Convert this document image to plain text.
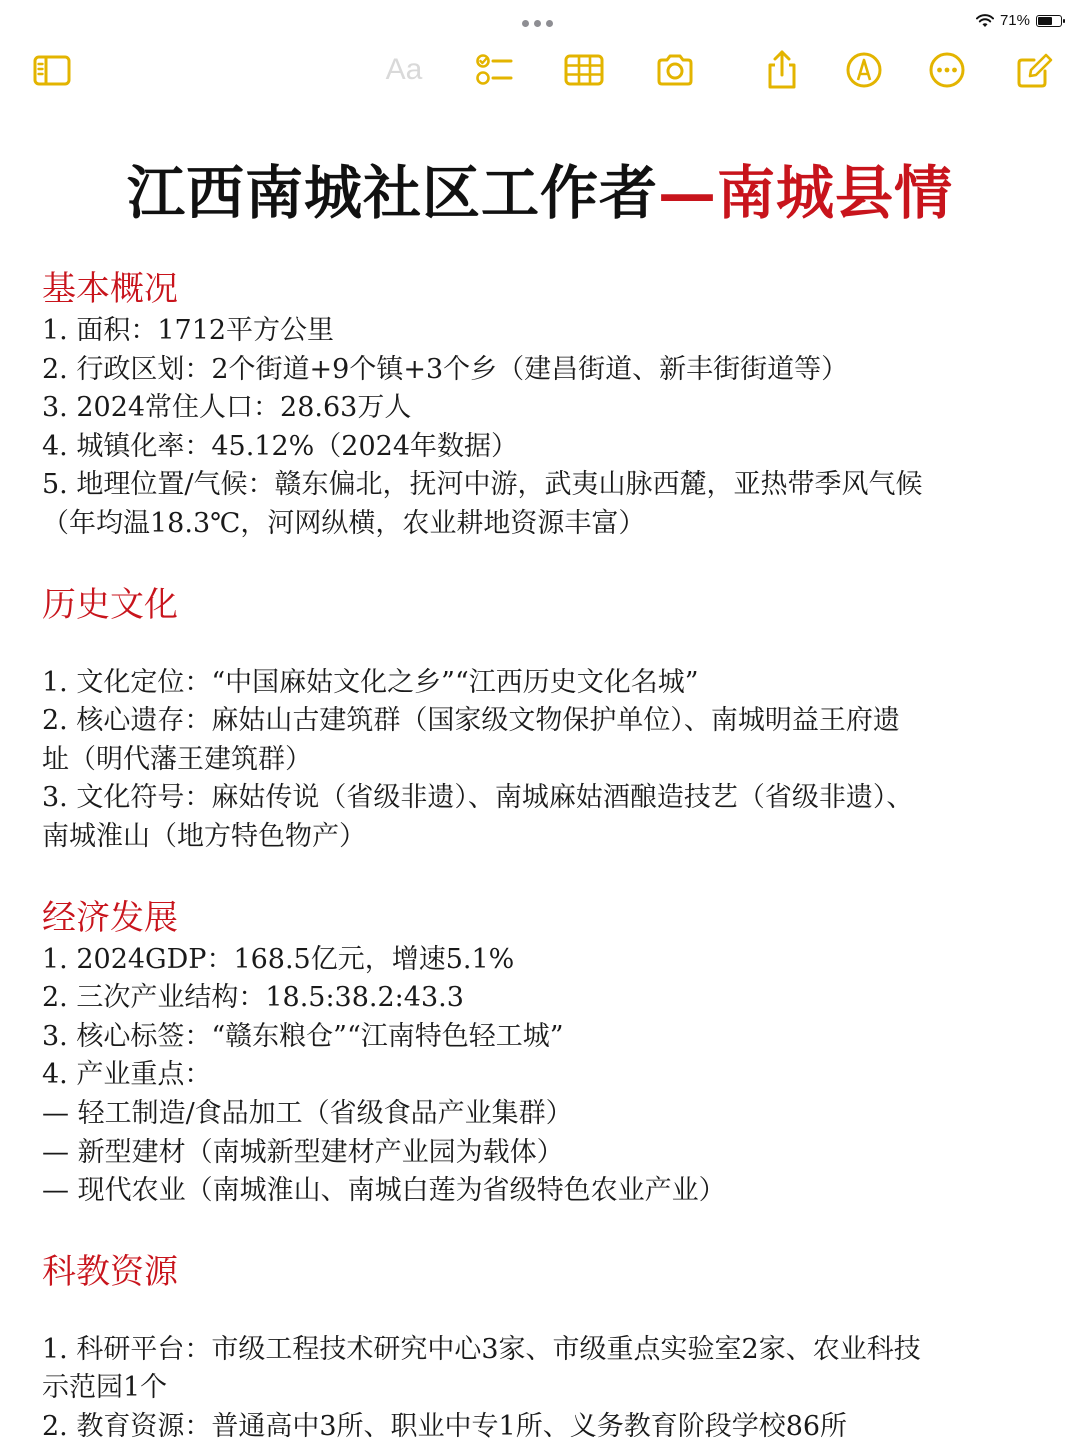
71%
Aa
江西南城社区工作者—南城县情

基本概况

1. 面积：1712平方公里

2. 行政区划：2个街道+9个镇+3个乡（建昌街道、新丰街街道等）

3. 2024常住人口：28.63万人

4. 城镇化率：45.12%（2024年数据）

5. 地理位置/气候：赣东偏北，抚河中游，武夷山脉西麓，亚热带季风气候

（年均温18.3℃，河网纵横，农业耕地资源丰富）

历史文化

1. 文化定位：“中国麻姑文化之乡”“江西历史文化名城”

2. 核心遗存：麻姑山古建筑群（国家级文物保护单位）、南城明益王府遗

址（明代藩王建筑群）

3. 文化符号：麻姑传说（省级非遗）、南城麻姑酒酿造技艺（省级非遗）、

南城淮山（地方特色物产）

经济发展

1. 2024GDP：168.5亿元，增速5.1%

2. 三次产业结构：18.5:38.2:43.3

3. 核心标签：“赣东粮仓”“江南特色轻工城”

4. 产业重点：

— 轻工制造/食品加工（省级食品产业集群）

— 新型建材（南城新型建材产业园为载体）

— 现代农业（南城淮山、南城白莲为省级特色农业产业）

科教资源

1. 科研平台：市级工程技术研究中心3家、市级重点实验室2家、农业科技

示范园1个

2. 教育资源：普通高中3所、职业中专1所、义务教育阶段学校86所
